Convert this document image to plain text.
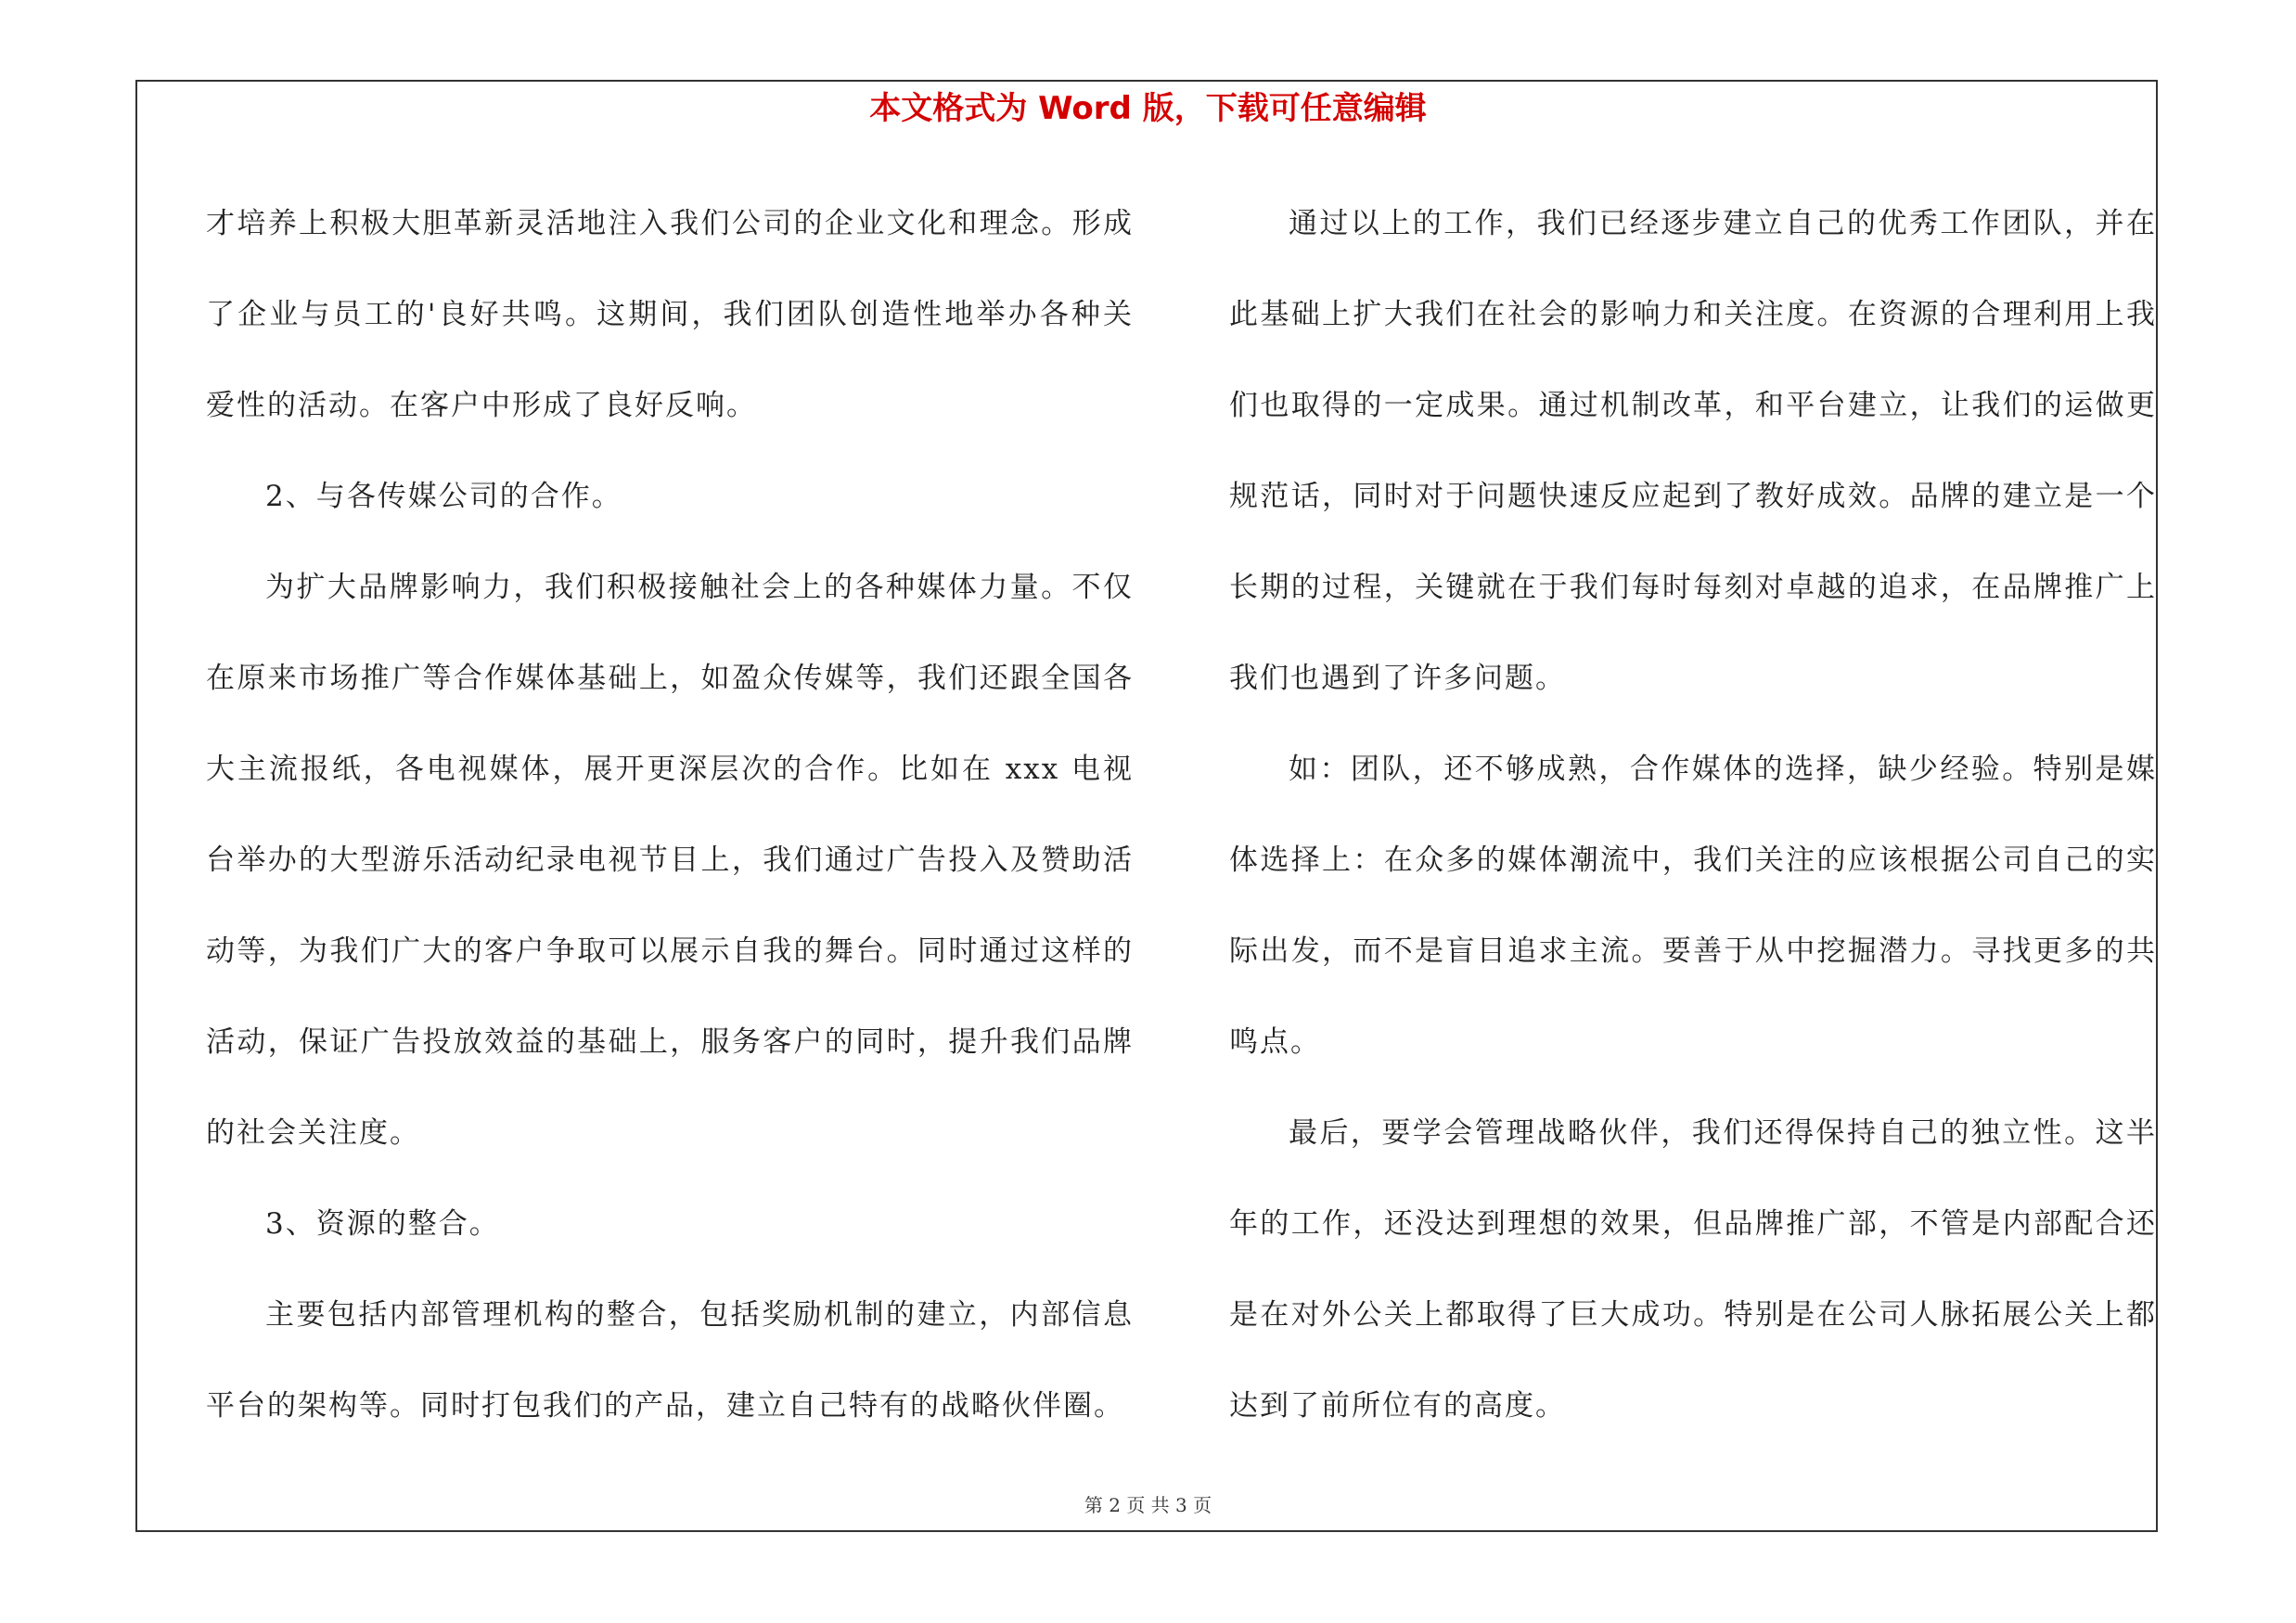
本文格式为 Word 版，下载可任意编辑

才培养上积极大胆革新灵活地注入我们公司的企业文化和理念。形成了企业与员工的'良好共鸣。这期间，我们团队创造性地举办各种关爱性的活动。在客户中形成了良好反响。

2、与各传媒公司的合作。

为扩大品牌影响力，我们积极接触社会上的各种媒体力量。不仅在原来市场推广等合作媒体基础上，如盈众传媒等，我们还跟全国各大主流报纸，各电视媒体，展开更深层次的合作。比如在 xxx 电视台举办的大型游乐活动纪录电视节目上，我们通过广告投入及赞助活动等，为我们广大的客户争取可以展示自我的舞台。同时通过这样的活动，保证广告投放效益的基础上，服务客户的同时，提升我们品牌的社会关注度。

3、资源的整合。

主要包括内部管理机构的整合，包括奖励机制的建立，内部信息平台的架构等。同时打包我们的产品，建立自己特有的战略伙伴圈。

通过以上的工作，我们已经逐步建立自己的优秀工作团队，并在此基础上扩大我们在社会的影响力和关注度。在资源的合理利用上我们也取得的一定成果。通过机制改革，和平台建立，让我们的运做更规范话，同时对于问题快速反应起到了教好成效。品牌的建立是一个长期的过程，关键就在于我们每时每刻对卓越的追求，在品牌推广上我们也遇到了许多问题。

如：团队，还不够成熟，合作媒体的选择，缺少经验。特别是媒体选择上：在众多的媒体潮流中，我们关注的应该根据公司自己的实际出发，而不是盲目追求主流。要善于从中挖掘潜力。寻找更多的共鸣点。

最后，要学会管理战略伙伴，我们还得保持自己的独立性。这半年的工作，还没达到理想的效果，但品牌推广部，不管是内部配合还是在对外公关上都取得了巨大成功。特别是在公司人脉拓展公关上都达到了前所位有的高度。

第 2 页 共 3 页
